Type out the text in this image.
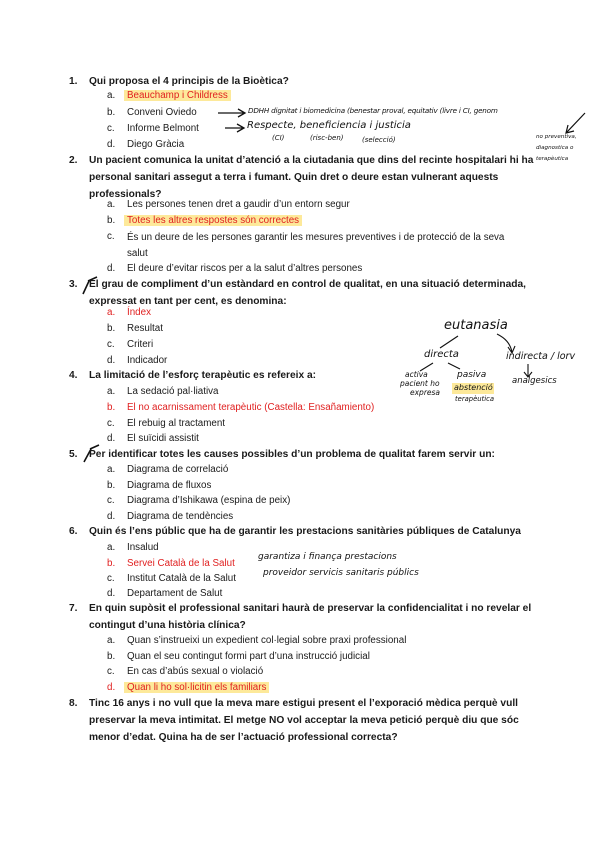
1. Qui proposa el 4 principis de la Bioètica?
a. Beauchamp i Childress
b. Conveni Oviedo
c. Informe Belmont
d. Diego Gràcia
2. Un pacient comunica la unitat d’atenció a la ciutadania que dins del recinte hospitalari hi ha personal sanitari assegut a terra i fumant. Quin dret o deure estan vulnerant aquests professionals?
a. Les persones tenen dret a gaudir d’un entorn segur
b. Totes les altres respostes són correctes
c. És un deure de les persones garantir les mesures preventives i de protecció de la seva salut
d. El deure d’evitar riscos per a la salut d’altres persones
3. El grau de compliment d’un estàndard en control de qualitat, en una situació determinada, expressat en tant per cent, es denomina:
a. Índex
b. Resultat
c. Criteri
d. Indicador
4. La limitació de l’esforç terapèutic es refereix a:
a. La sedació pal·liativa
b. El no acarnissament terapèutic (Castella: Ensañamiento)
c. El rebuig al tractament
d. El suïcidi assistit
5. Per identificar totes les causes possibles d’un problema de qualitat farem servir un:
a. Diagrama de correlació
b. Diagrama de fluxos
c. Diagrama d’Ishikawa (espina de peix)
d. Diagrama de tendències
6. Quin és l’ens públic que ha de garantir les prestacions sanitàries públiques de Catalunya
a. Insalud
b. Servei Català de la Salut
c. Institut Català de la Salut
d. Departament de Salut
7. En quin supòsit el professional sanitari haurà de preservar la confidencialitat i no revelar el contingut d’una història clínica?
a. Quan s’instrueixi un expedient col·legial sobre praxi professional
b. Quan el seu contingut formi part d’una instrucció judicial
c. En cas d’abús sexual o violació
d. Quan li ho sol·licitin els familiars
8. Tinc 16 anys i no vull que la meva mare estigui present el l’exporació mèdica perquè vull preservar la meva intimitat. El metge NO vol acceptar la meva petició perquè diu que sóc menor d’edat. Quina ha de ser l’actuació professional correcta?
DDHH dignitat i biomedicina (benestar proval, equitativ (livre i CI, genom
Respecte, beneficiencia i justicia
(CI)	(risc-ben)	(selecció)	no preventiva,
diagnostica o
terapèutica
eutanasia
directa	indirecta / lorv
activa
pacient ho
expresa
pasiva
abstenció
terapèutica
analgesics
garantiza i finança prestacions
proveidor servicis sanitaris públics
